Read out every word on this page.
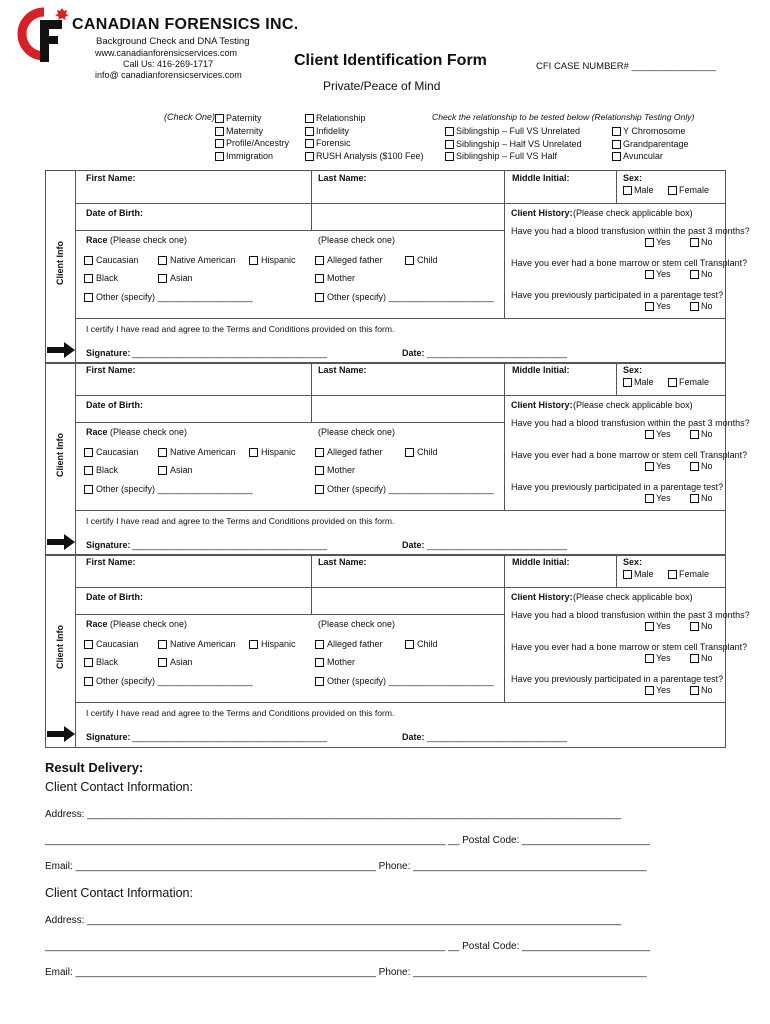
CANADIAN FORENSICS INC.
Background Check and DNA Testing
www.canadianforensicservices.com
Call Us: 416-269-1717
info@ canadianforensicservices.com
Client Identification Form	CFI CASE NUMBER# ________________
Private/Peace of Mind
(Check One)	Paternity
Maternity
Profile/Ancestry
Immigration
Relationship
Infidelity
Forensic
RUSH Analysis ($100 Fee)
Check the relationship to be tested below (Relationship Testing Only)
Siblingship – Full VS Unrelated
Siblingship – Half VS Unrelated
Siblingship – Full VS Half
Y Chromosome
Grandparentage
Avuncular
Client Info
First Name:	Last Name:	Middle Initial:	Sex:
Male	Female
Date of Birth:	Client History: (Please check applicable box)
Race (Please check one)
Caucasian	Native American	Hispanic
Black	Asian
Other (specify) ___________________
(Please check one)
Alleged father	Child
Mother
Other (specify) _____________________
Have you had a blood transfusion within the past 3 months?
Yes	No
Have you ever had a bone marrow or stem cell Transplant?
Yes	No
Have you previously participated in a parentage test?
Yes	No
I certify I have read and agree to the Terms and Conditions provided on this form.
Signature: _______________________________________	Date: ____________________________
Client Info
First Name:	Last Name:	Middle Initial:	Sex:
Male	Female
Date of Birth:	Client History: (Please check applicable box)
Race (Please check one)
Caucasian	Native American	Hispanic
Black	Asian
Other (specify) ___________________
(Please check one)
Alleged father	Child
Mother
Other (specify) _____________________
Have you had a blood transfusion within the past 3 months?
Yes	No
Have you ever had a bone marrow or stem cell Transplant?
Yes	No
Have you previously participated in a parentage test?
Yes	No
I certify I have read and agree to the Terms and Conditions provided on this form.
Signature: _______________________________________	Date: ____________________________
Client Info
First Name:	Last Name:	Middle Initial:	Sex:
Male	Female
Date of Birth:	Client History: (Please check applicable box)
Race (Please check one)
Caucasian	Native American	Hispanic
Black	Asian
Other (specify) ___________________
(Please check one)
Alleged father	Child
Mother
Other (specify) _____________________
Have you had a blood transfusion within the past 3 months?
Yes	No
Have you ever had a bone marrow or stem cell Transplant?
Yes	No
Have you previously participated in a parentage test?
Yes	No
I certify I have read and agree to the Terms and Conditions provided on this form.
Signature: _______________________________________	Date: ____________________________
Result Delivery:
Client Contact Information:
Address: ________________________________________________________________________________________________
________________________________________________________________________ __ Postal Code: _______________________
Email: ______________________________________________________ Phone: __________________________________________
Client Contact Information:
Address: ________________________________________________________________________________________________
________________________________________________________________________ __ Postal Code: _______________________
Email: ______________________________________________________ Phone: __________________________________________
